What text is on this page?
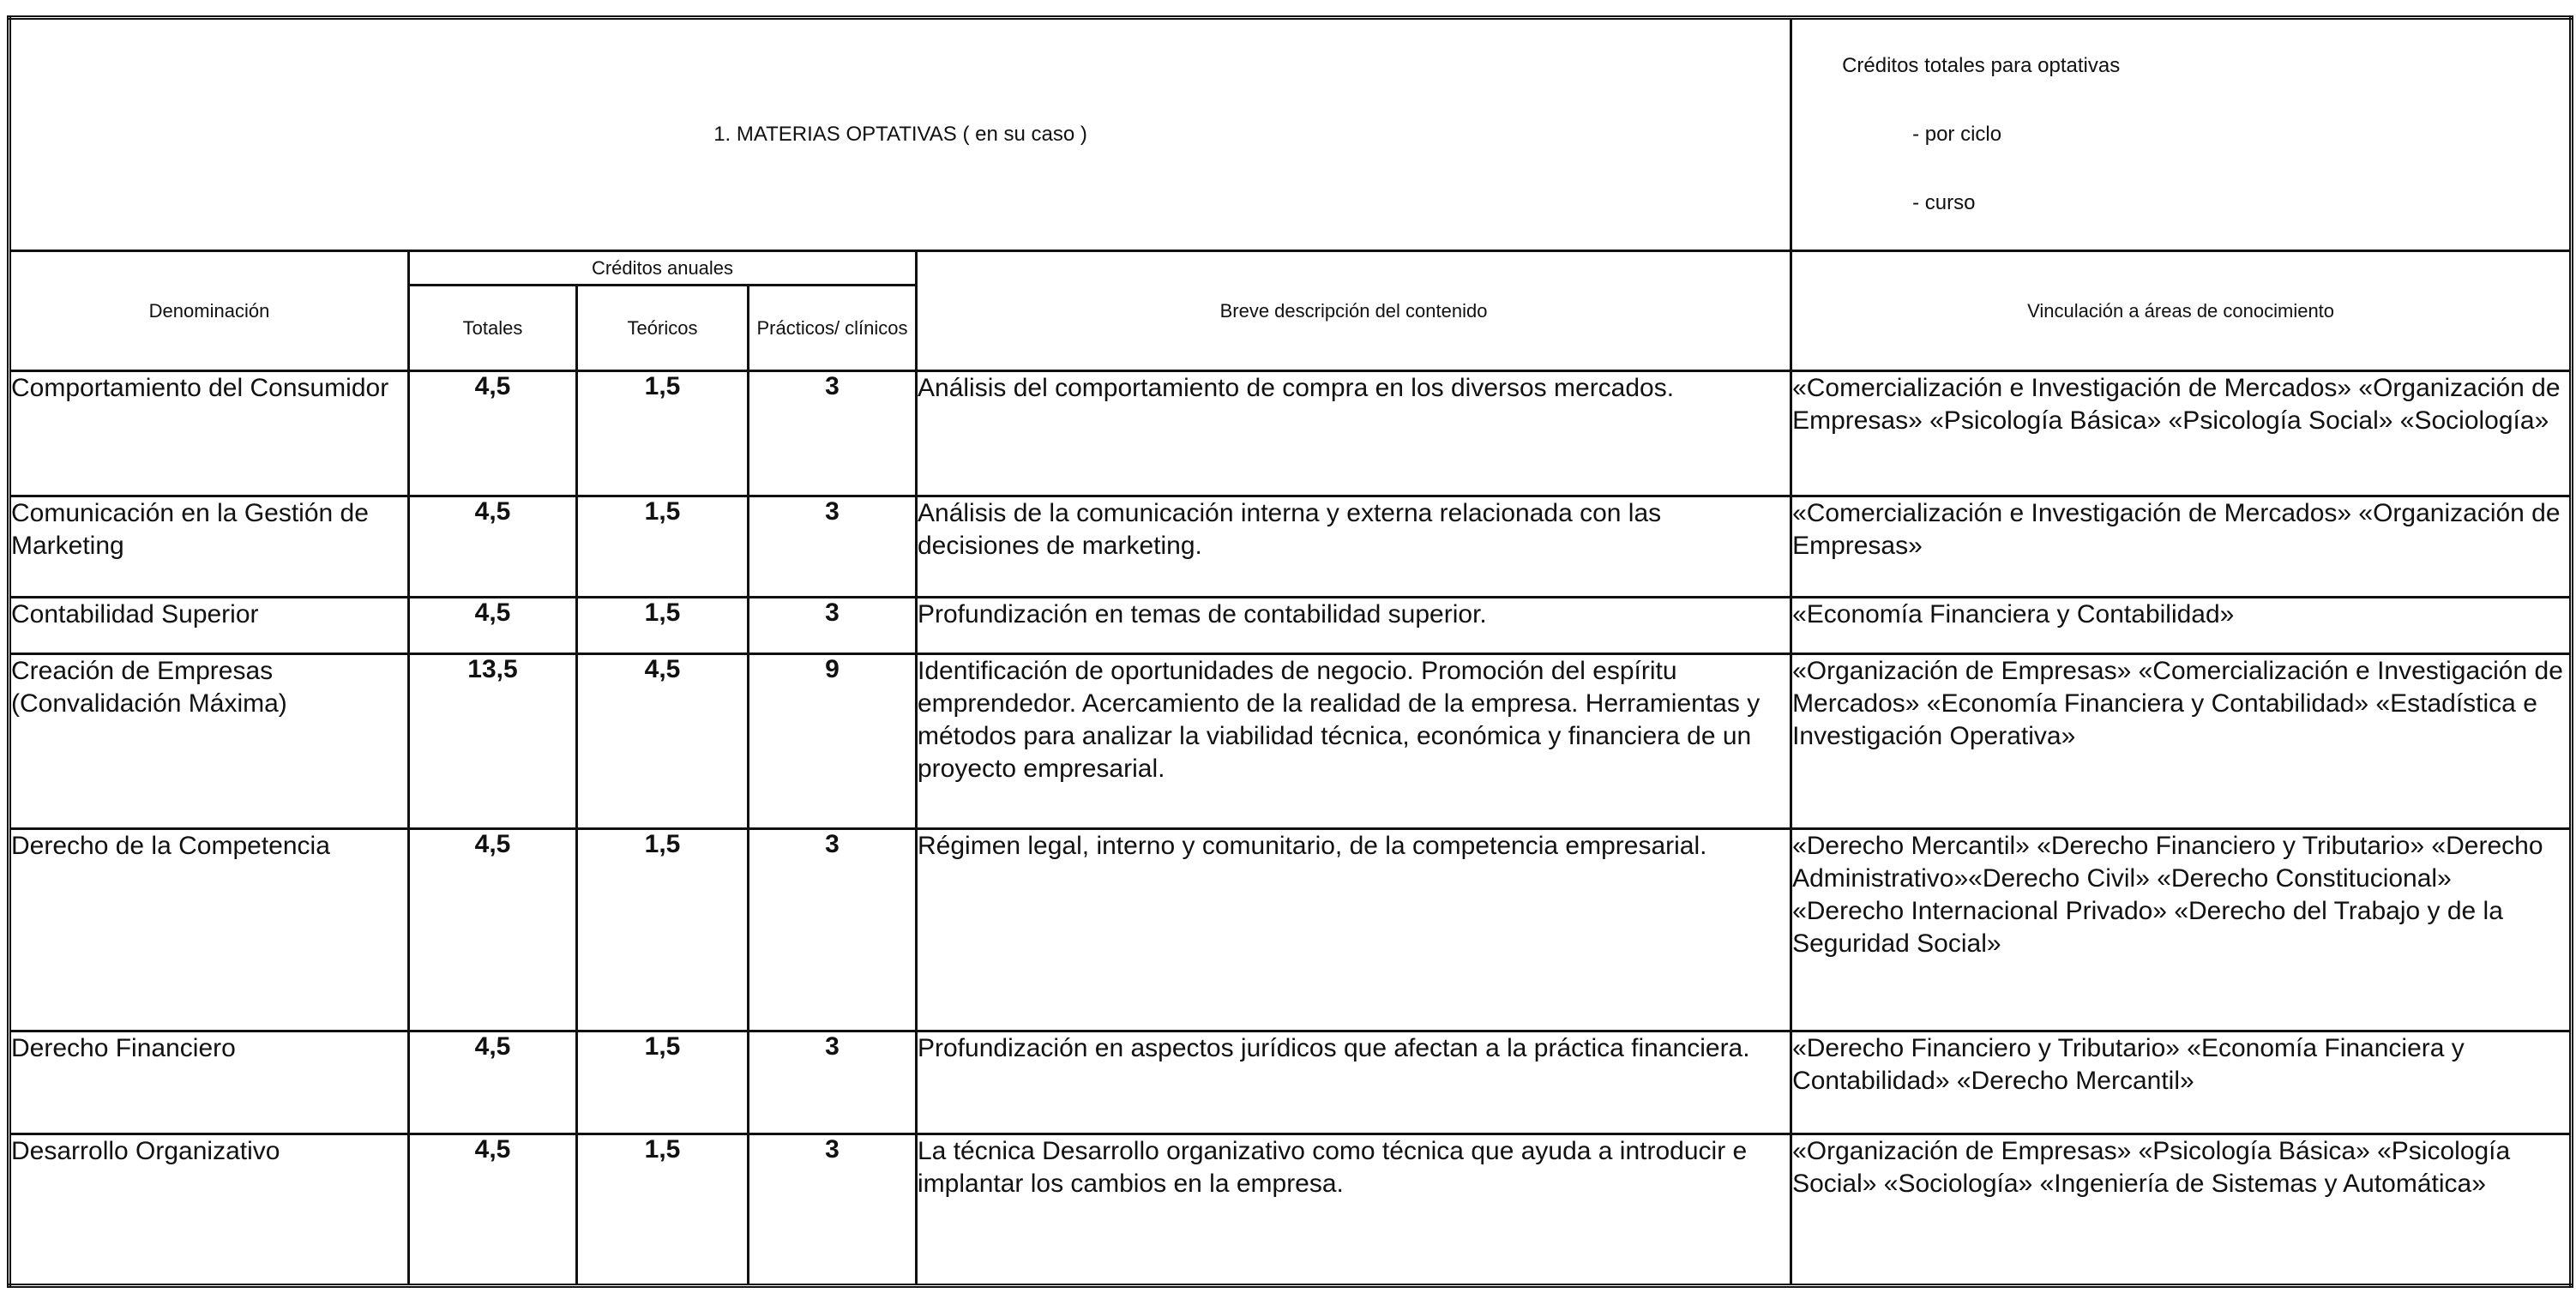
1. MATERIAS OPTATIVAS ( en su caso )					Créditos totales para optativas
- por ciclo
- curso

Denominación	Créditos anuales			Breve descripción del contenido	Vinculación a áreas de conocimiento
	Totales	Teóricos	Prácticos/ clínicos		
Comportamiento del Consumidor	4,5	1,5	3	Análisis del comportamiento de compra en los diversos mercados.	«Comercialización e Investigación de Mercados» «Organización de Empresas» «Psicología Básica» «Psicología Social» «Sociología»
Comunicación en la Gestión de Marketing	4,5	1,5	3	Análisis de la comunicación interna y externa relacionada con las decisiones de marketing.	«Comercialización e Investigación de Mercados» «Organización de Empresas»
Contabilidad Superior	4,5	1,5	3	Profundización en temas de contabilidad superior.	«Economía Financiera y Contabilidad»
Creación de Empresas (Convalidación Máxima)	13,5	4,5	9	Identificación de oportunidades de negocio. Promoción del espíritu emprendedor. Acercamiento de la realidad de la empresa. Herramientas y métodos para analizar la viabilidad técnica, económica y financiera de un proyecto empresarial.	«Organización de Empresas» «Comercialización e Investigación de Mercados» «Economía Financiera y Contabilidad» «Estadística e Investigación Operativa»
Derecho de la Competencia	4,5	1,5	3	Régimen legal, interno y comunitario, de la competencia empresarial.	«Derecho Mercantil» «Derecho Financiero y Tributario» «Derecho Administrativo»«Derecho Civil» «Derecho Constitucional» «Derecho Internacional Privado» «Derecho del Trabajo y de la Seguridad Social»
Derecho Financiero	4,5	1,5	3	Profundización en aspectos jurídicos que afectan a la práctica financiera.	«Derecho Financiero y Tributario» «Economía Financiera y Contabilidad» «Derecho Mercantil»
Desarrollo Organizativo	4,5	1,5	3	La técnica Desarrollo organizativo como técnica que ayuda a introducir e implantar los cambios en la empresa.	«Organización de Empresas» «Psicología Básica» «Psicología Social» «Sociología» «Ingeniería de Sistemas y Automática»
